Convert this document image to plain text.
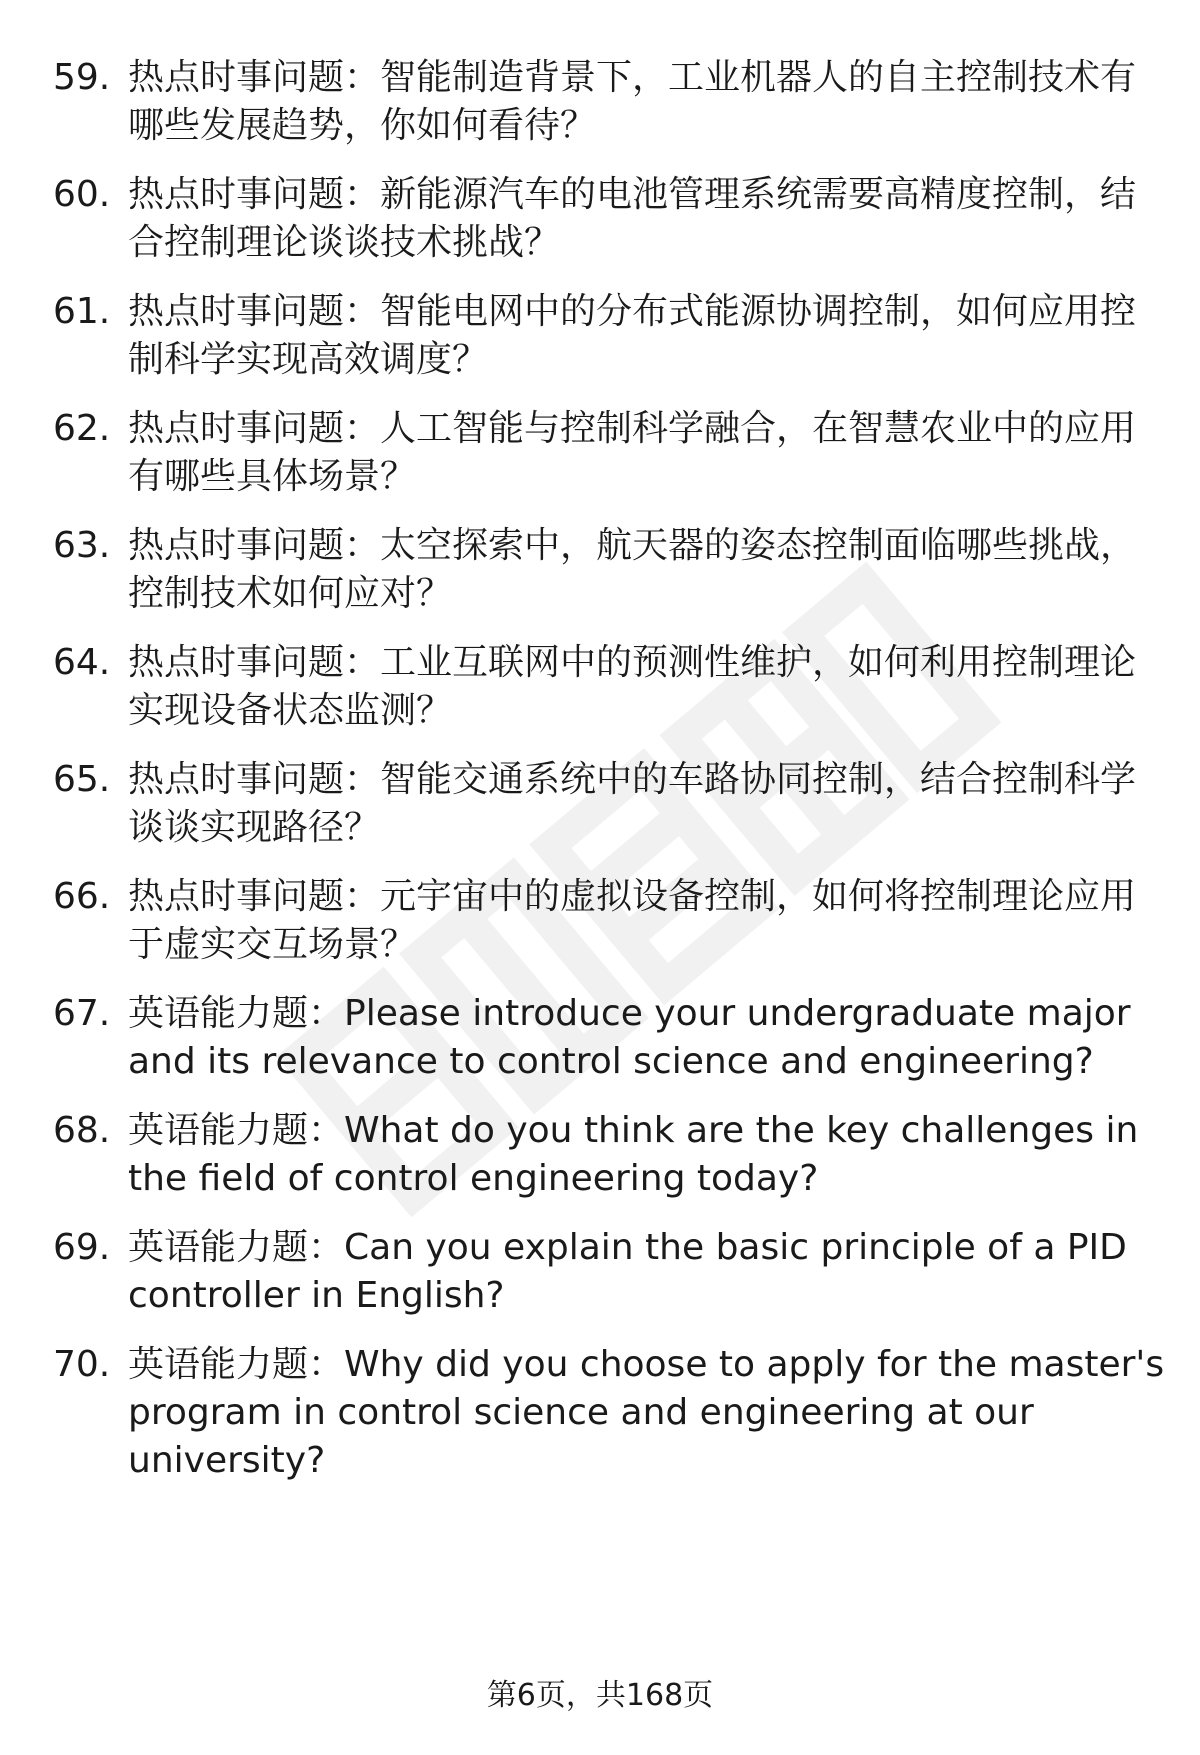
59. 热点时事问题：智能制造背景下，工业机器人的自主控制技术有
哪些发展趋势，你如何看待？
60. 热点时事问题：新能源汽车的电池管理系统需要高精度控制，结
合控制理论谈谈技术挑战？
61. 热点时事问题：智能电网中的分布式能源协调控制，如何应用控
制科学实现高效调度？
62. 热点时事问题：人工智能与控制科学融合，在智慧农业中的应用
有哪些具体场景？
63. 热点时事问题：太空探索中，航天器的姿态控制面临哪些挑战，
控制技术如何应对？
64. 热点时事问题：工业互联网中的预测性维护，如何利用控制理论
实现设备状态监测？
65. 热点时事问题：智能交通系统中的车路协同控制，结合控制科学
谈谈实现路径？
66. 热点时事问题：元宇宙中的虚拟设备控制，如何将控制理论应用
于虚实交互场景？
67. 英语能力题：Please introduce your undergraduate major
and its relevance to control science and engineering?
68. 英语能力题：What do you think are the key challenges in
the field of control engineering today?
69. 英语能力题：Can you explain the basic principle of a PID
controller in English?
70. 英语能力题：Why did you choose to apply for the master's
program in control science and engineering at our
university?
第6页，共168页
